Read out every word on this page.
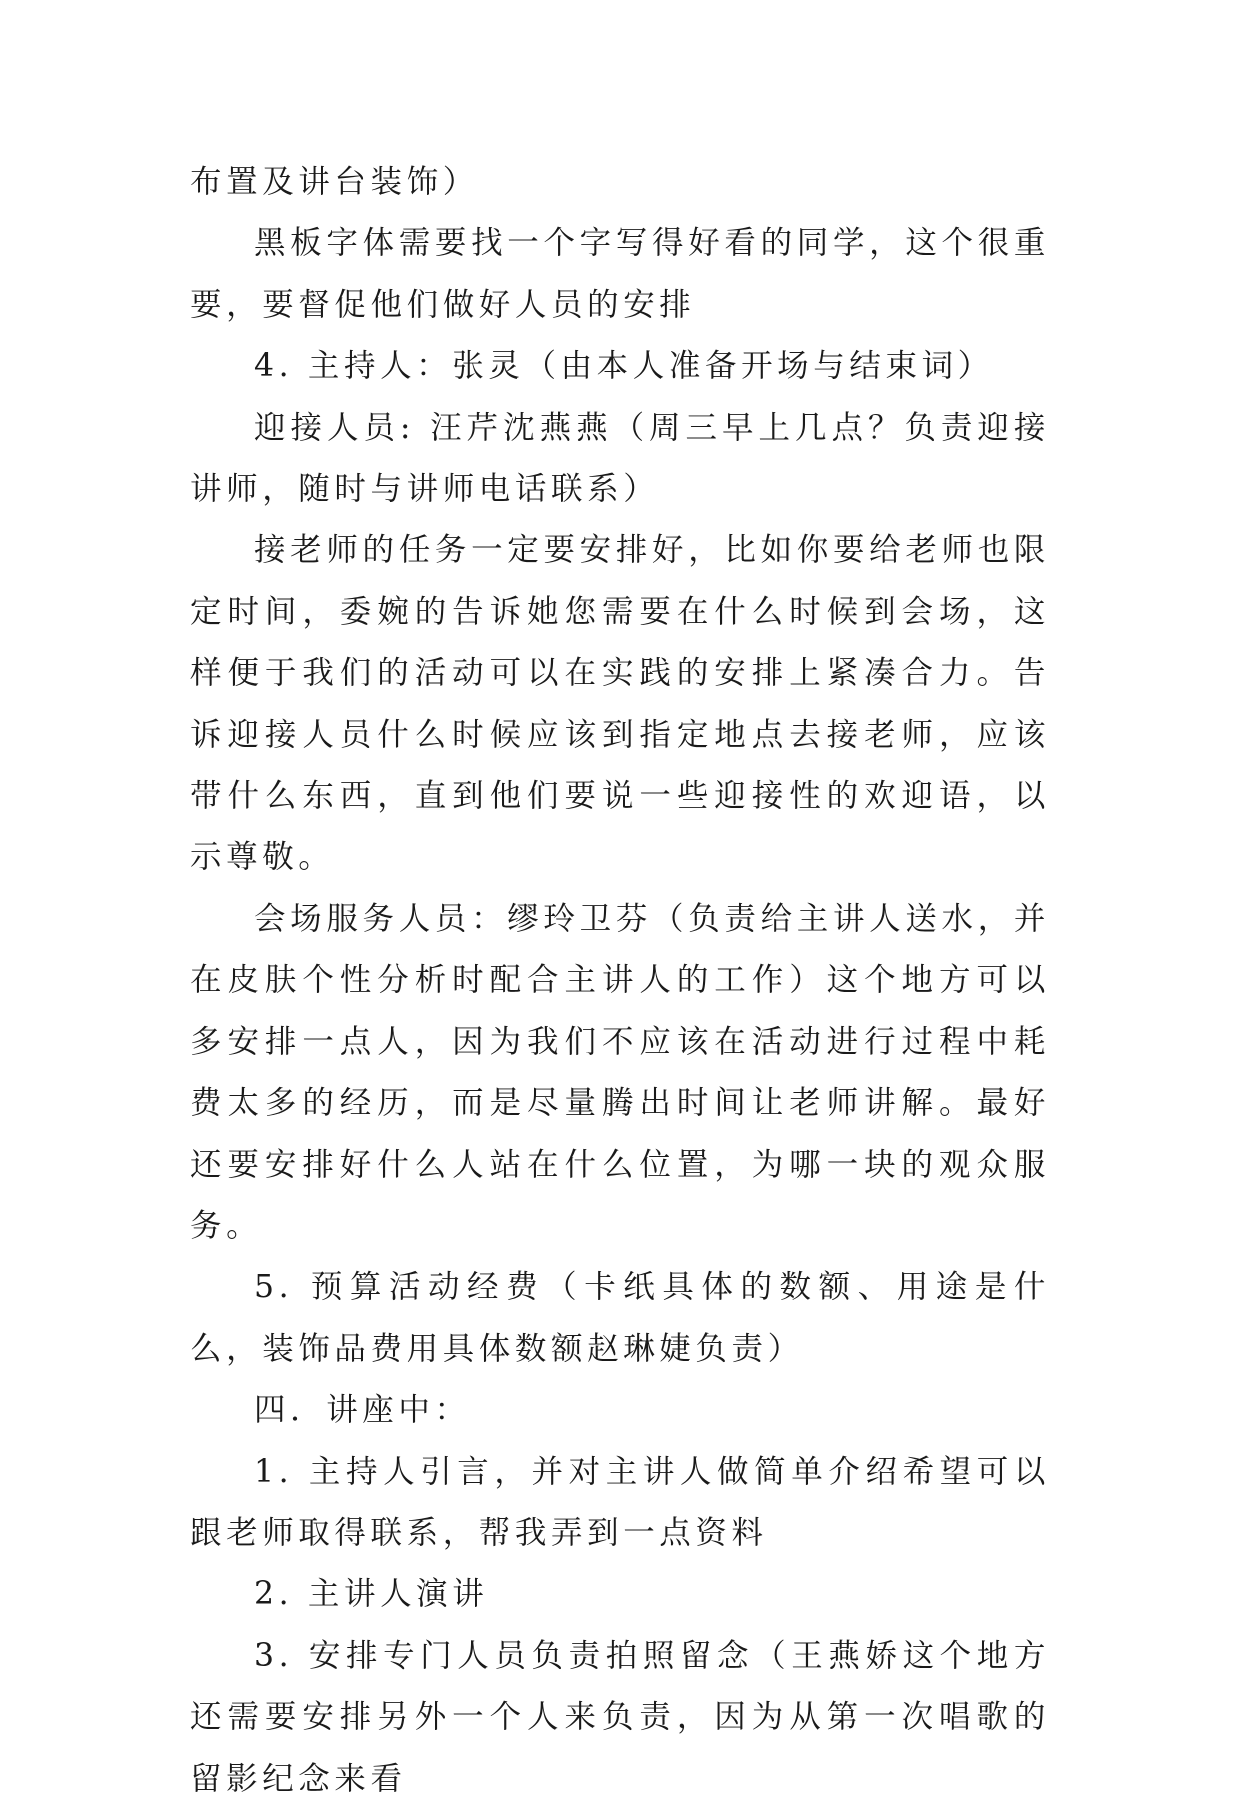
布置及讲台装饰）

黑板字体需要找一个字写得好看的同学，这个很重要，要督促他们做好人员的安排

4. 主持人：张灵（由本人准备开场与结束词）

迎接人员: 汪芹沈燕燕（周三早上几点？负责迎接讲师，随时与讲师电话联系）

接老师的任务一定要安排好，比如你要给老师也限定时间，委婉的告诉她您需要在什么时候到会场，这样便于我们的活动可以在实践的安排上紧凑合力。告诉迎接人员什么时候应该到指定地点去接老师，应该带什么东西，直到他们要说一些迎接性的欢迎语，以示尊敬。

会场服务人员：缪玲卫芬（负责给主讲人送水，并在皮肤个性分析时配合主讲人的工作）这个地方可以多安排一点人，因为我们不应该在活动进行过程中耗费太多的经历，而是尽量腾出时间让老师讲解。最好还要安排好什么人站在什么位置，为哪一块的观众服务。

5. 预算活动经费（卡纸具体的数额、用途是什么，装饰品费用具体数额赵琳婕负责）

四．讲座中：

1. 主持人引言，并对主讲人做简单介绍希望可以跟老师取得联系，帮我弄到一点资料

2. 主讲人演讲

3. 安排专门人员负责拍照留念（王燕娇这个地方还需要安排另外一个人来负责，因为从第一次唱歌的留影纪念来看
